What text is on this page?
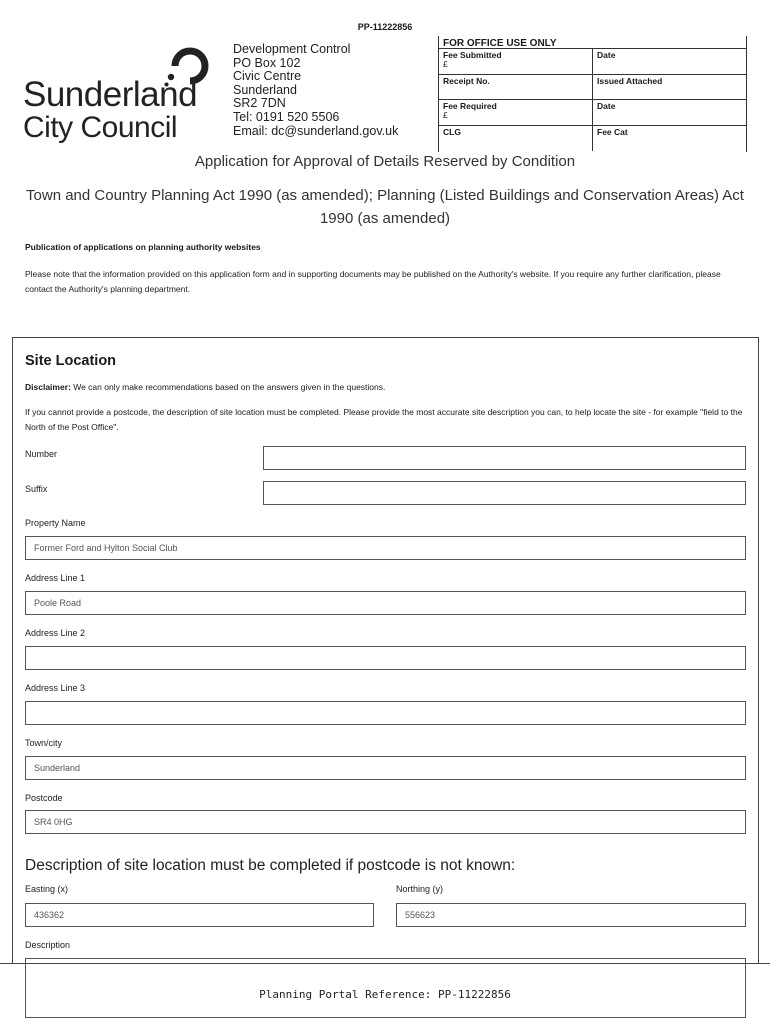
PP-11222856
Sunderland
City Council
Development Control
PO Box 102
Civic Centre
Sunderland
SR2 7DN
Tel: 0191 520 5506
Email: dc@sunderland.gov.uk
FOR OFFICE USE ONLY
Fee Submitted
£
Date
Receipt No.	Issued Attached
Fee Required
£
Date
CLG	Fee Cat
Application for Approval of Details Reserved by Condition
Town and Country Planning Act 1990 (as amended); Planning (Listed Buildings and Conservation Areas) Act 1990 (as amended)
Publication of applications on planning authority websites
Please note that the information provided on this application form and in supporting documents may be published on the Authority's website. If you require any further clarification, please contact the Authority's planning department.
Site Location
Disclaimer: We can only make recommendations based on the answers given in the questions.
If you cannot provide a postcode, the description of site location must be completed. Please provide the most accurate site description you can, to help locate the site - for example "field to the North of the Post Office".
Number
Suffix
Property Name
Former Ford and Hylton Social Club
Address Line 1
Poole Road
Address Line 2
Address Line 3
Town/city
Sunderland
Postcode
SR4 0HG
Description of site location must be completed if postcode is not known:
Easting (x)
436362
Northing (y)
556623
Description
Planning Portal Reference: PP-11222856
